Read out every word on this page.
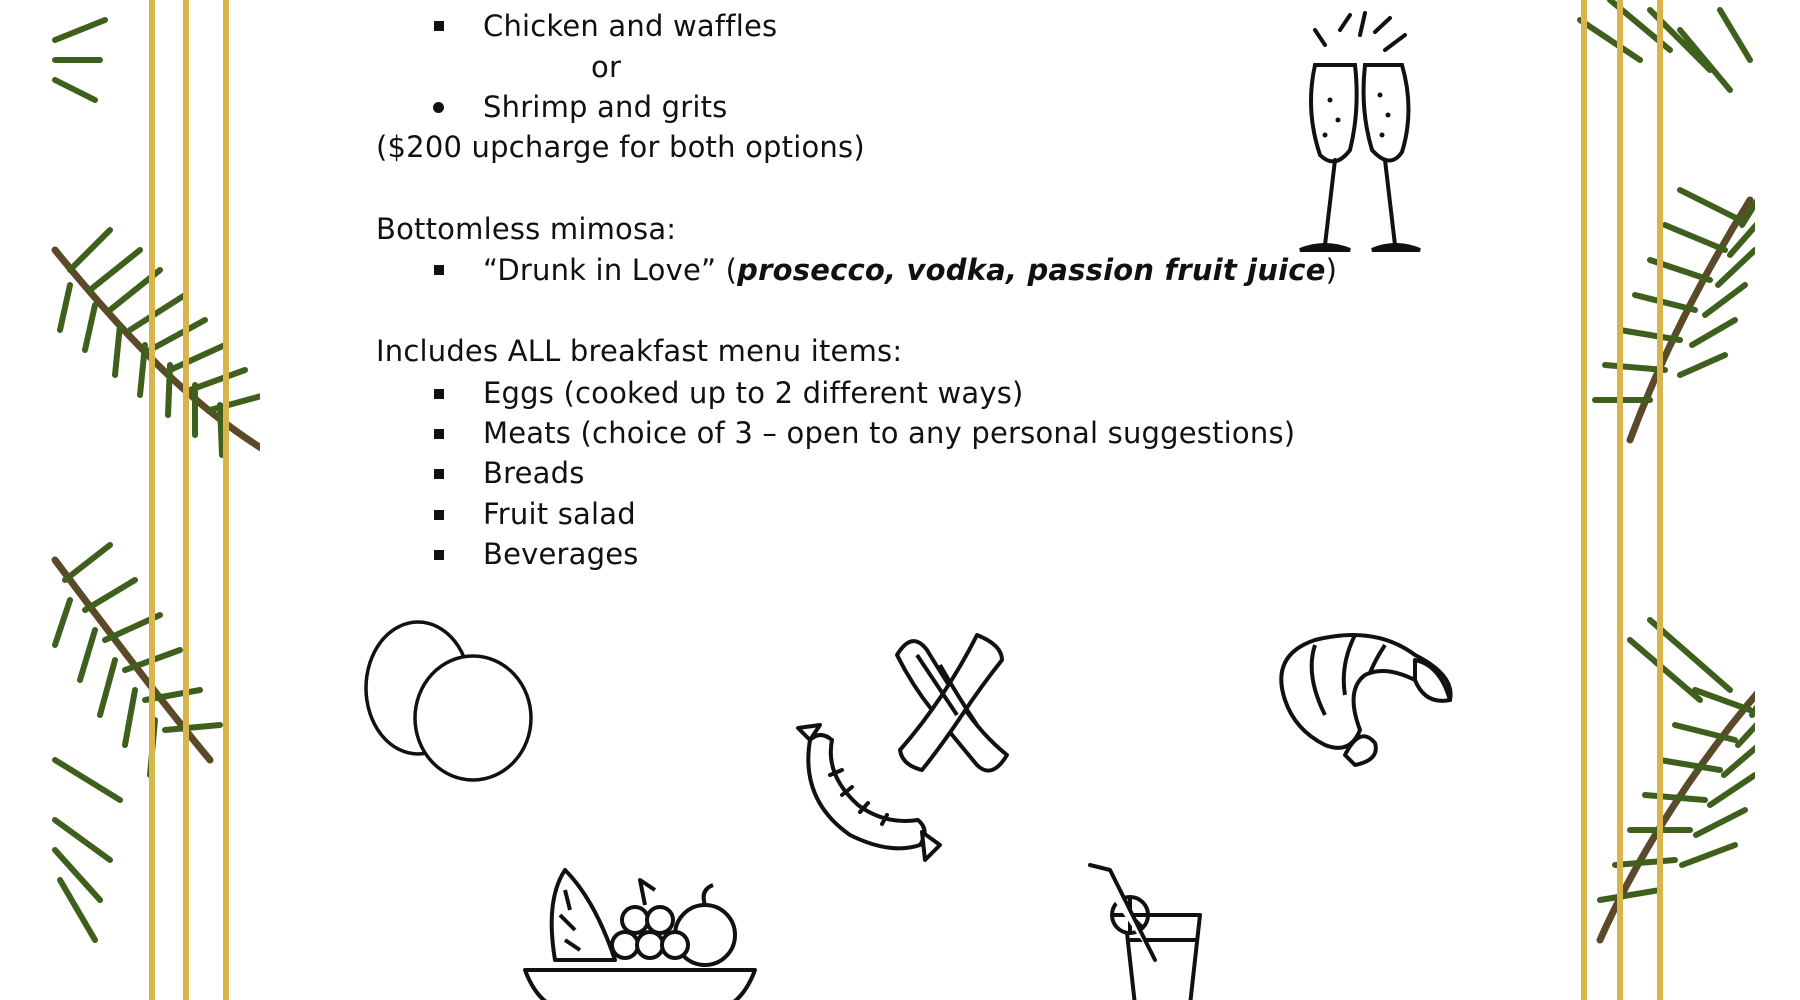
Chicken and waffles
or
Shrimp and grits
($200 upcharge for both options)
Bottomless mimosa:
“Drunk in Love” (prosecco, vodka, passion fruit juice)
Includes ALL breakfast menu items:
Eggs (cooked up to 2 different ways)
Meats (choice of 3 – open to any personal suggestions)
Breads
Fruit salad
Beverages
